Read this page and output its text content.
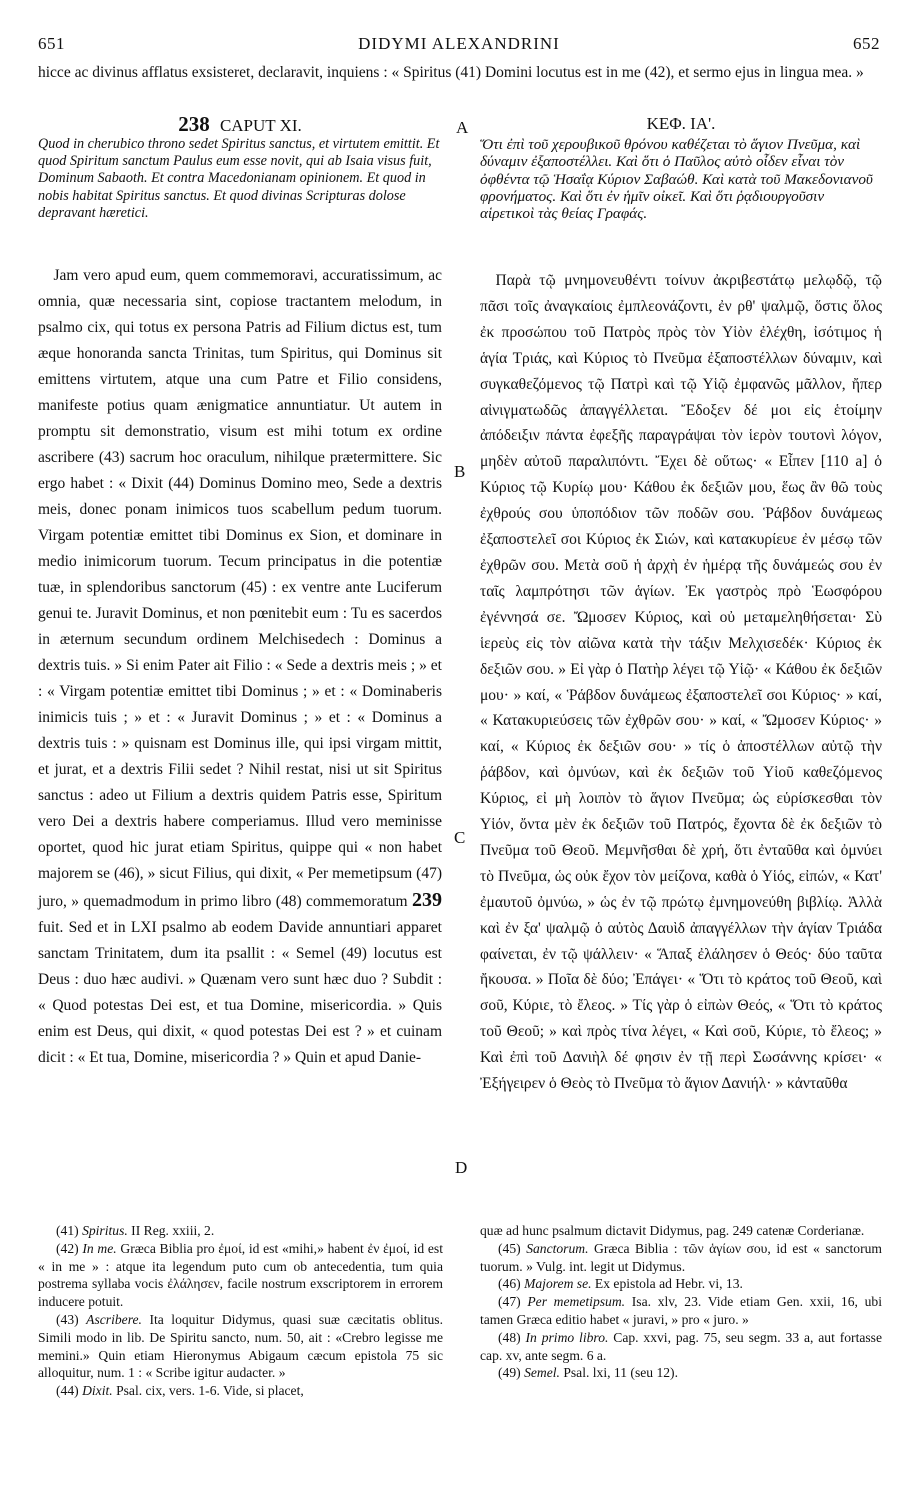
651	DIDYMI ALEXANDRINI	652
hicce ac divinus afflatus exsisteret, declaravit, inquiens : « Spiritus (41) Domini locutus est in me (42), et sermo ejus in lingua mea. »
A
B
C
D
238 CAPUT XI.

Quod in cherubico throno sedet Spiritus sanctus, et virtutem emittit. Et quod Spiritum sanctum Paulus eum esse novit, qui ab Isaia visus fuit, Dominum Sabaoth. Et contra Macedonianam opinionem. Et quod in nobis habitat Spiritus sanctus. Et quod divinas Scripturas dolose depravant hæretici.

 Jam vero apud eum, quem commemoravi, accuratissimum, ac omnia, quæ necessaria sint, copiose tractantem melodum, in psalmo cix, qui totus ex persona Patris ad Filium dictus est, tum æque honoranda sancta Trinitas, tum Spiritus, qui Dominus sit emittens virtutem, atque una cum Patre et Filio considens, manifeste potius quam ænigmatice annuntiatur. Ut autem in promptu sit demonstratio, visum est mihi totum ex ordine ascribere (43) sacrum hoc oraculum, nihilque prætermittere. Sic ergo habet : « Dixit (44) Dominus Domino meo, Sede a dextris meis, donec ponam inimicos tuos scabellum pedum tuorum. Virgam potentiæ emittet tibi Dominus ex Sion, et dominare in medio inimicorum tuorum. Tecum principatus in die potentiæ tuæ, in splendoribus sanctorum (45) : ex ventre ante Luciferum genui te. Juravit Dominus, et non pœnitebit eum : Tu es sacerdos in æternum secundum ordinem Melchisedech : Dominus a dextris tuis. » Si enim Pater ait Filio : « Sede a dextris meis ; » et : « Virgam potentiæ emittet tibi Dominus ; » et : « Dominaberis inimicis tuis ; » et : « Juravit Dominus ; » et : « Dominus a dextris tuis : » quisnam est Dominus ille, qui ipsi virgam mittit, et jurat, et a dextris Filii sedet ? Nihil restat, nisi ut sit Spiritus sanctus : adeo ut Filium a dextris quidem Patris esse, Spiritum vero Dei a dextris habere comperiamus. Illud vero meminisse oportet, quod hic jurat etiam Spiritus, quippe qui « non habet majorem se (46), » sicut Filius, qui dixit, « Per memetipsum (47) juro, » quemadmodum in primo libro (48) commemoratum 239 fuit. Sed et in LXI psalmo ab eodem Davide annuntiari apparet sanctam Trinitatem, dum ita psallit : « Semel (49) locutus est Deus : duo hæc audivi. » Quænam vero sunt hæc duo ? Subdit : « Quod potestas Dei est, et tua Domine, misericordia. » Quis enim est Deus, qui dixit, « quod potestas Dei est ? » et cuinam dicit : « Et tua, Domine, misericordia ? » Quin et apud Danie-
ΚΕΦ. ΙΑ'.

Ὅτι ἐπὶ τοῦ χερουβικοῦ θρόνου καθέζεται τὸ ἅγιον Πνεῦμα, καὶ δύναμιν ἐξαποστέλλει. Καὶ ὅτι ὁ Παῦλος αὐτὸ οἶδεν εἶναι τὸν ὀφθέντα τῷ Ἡσαΐᾳ Κύριον Σαβαώθ. Καὶ κατὰ τοῦ Μακεδονιανοῦ φρονήματος. Καὶ ὅτι ἐν ἡμῖν οἰκεῖ. Καὶ ὅτι ῥᾳδιουργοῦσιν αἱρετικοὶ τὰς θείας Γραφάς.

 Παρὰ τῷ μνημονευθέντι τοίνυν ἀκριβεστάτῳ μελῳδῷ, τῷ πᾶσι τοῖς ἀναγκαίοις ἐμπλεονάζοντι, ἐν ρθ' ψαλμῷ, ὅστις ὅλος ἐκ προσώπου τοῦ Πατρὸς πρὸς τὸν Υἱὸν ἐλέχθη, ἰσότιμος ἡ ἁγία Τριάς, καὶ Κύριος τὸ Πνεῦμα ἐξαποστέλλων δύναμιν, καὶ συγκαθεζόμενος τῷ Πατρὶ καὶ τῷ Υἱῷ ἐμφανῶς μᾶλλον, ἤπερ αἰνιγματωδῶς ἀπαγγέλλεται. Ἔδοξεν δέ μοι εἰς ἑτοίμην ἀπόδειξιν πάντα ἐφεξῆς παραγράψαι τὸν ἱερὸν τουτονὶ λόγον, μηδὲν αὐτοῦ παραλιπόντι. Ἔχει δὲ οὕτως· « Εἶπεν [110 a] ὁ Κύριος τῷ Κυρίῳ μου· Κάθου ἐκ δεξιῶν μου, ἕως ἂν θῶ τοὺς ἐχθρούς σου ὑποπόδιον τῶν ποδῶν σου. Ῥάβδον δυνάμεως ἐξαποστελεῖ σοι Κύριος ἐκ Σιών, καὶ κατακυρίευε ἐν μέσῳ τῶν ἐχθρῶν σου. Μετὰ σοῦ ἡ ἀρχὴ ἐν ἡμέρᾳ τῆς δυνάμεώς σου ἐν ταῖς λαμπρότησι τῶν ἁγίων. Ἐκ γαστρὸς πρὸ Ἑωσφόρου ἐγέννησά σε. Ὤμοσεν Κύριος, καὶ οὐ μεταμεληθήσεται· Σὺ ἱερεὺς εἰς τὸν αἰῶνα κατὰ τὴν τάξιν Μελχισεδέκ· Κύριος ἐκ δεξιῶν σου. » Εἰ γὰρ ὁ Πατὴρ λέγει τῷ Υἱῷ· « Κάθου ἐκ δεξιῶν μου· » καί, « Ῥάβδον δυνάμεως ἐξαποστελεῖ σοι Κύριος· » καί, « Κατακυριεύσεις τῶν ἐχθρῶν σου· » καί, « Ὤμοσεν Κύριος· » καί, « Κύριος ἐκ δεξιῶν σου· » τίς ὁ ἀποστέλλων αὐτῷ τὴν ῥάβδον, καὶ ὀμνύων, καὶ ἐκ δεξιῶν τοῦ Υἱοῦ καθεζόμενος Κύριος, εἰ μὴ λοιπὸν τὸ ἅγιον Πνεῦμα; ὡς εὑρίσκεσθαι τὸν Υἱόν, ὄντα μὲν ἐκ δεξιῶν τοῦ Πατρός, ἔχοντα δὲ ἐκ δεξιῶν τὸ Πνεῦμα τοῦ Θεοῦ. Μεμνῆσθαι δὲ χρή, ὅτι ἐνταῦθα καὶ ὀμνύει τὸ Πνεῦμα, ὡς οὐκ ἔχον τὸν μείζονα, καθὰ ὁ Υἱός, εἰπών, « Κατ' ἐμαυτοῦ ὀμνύω, » ὡς ἐν τῷ πρώτῳ ἐμνημονεύθη βιβλίῳ. Ἀλλὰ καὶ ἐν ξα' ψαλμῷ ὁ αὐτὸς Δαυὶδ ἀπαγγέλλων τὴν ἁγίαν Τριάδα φαίνεται, ἐν τῷ ψάλλειν· « Ἅπαξ ἐλάλησεν ὁ Θεός· δύο ταῦτα ἤκουσα. » Ποῖα δὲ δύο; Ἐπάγει· « Ὅτι τὸ κράτος τοῦ Θεοῦ, καὶ σοῦ, Κύριε, τὸ ἔλεος. » Τίς γὰρ ὁ εἰπὼν Θεός, « Ὅτι τὸ κράτος τοῦ Θεοῦ; » καὶ πρὸς τίνα λέγει, « Καὶ σοῦ, Κύριε, τὸ ἔλεος; » Καὶ ἐπὶ τοῦ Δανιὴλ δέ φησιν ἐν τῇ περὶ Σωσάννης κρίσει· « Ἐξήγειρεν ὁ Θεὸς τὸ Πνεῦμα τὸ ἅγιον Δανιήλ· » κἀνταῦθα

(41) Spiritus. II Reg. xxiii, 2.

(42) In me. Græca Biblia pro ἐμοί, id est «mihi,» habent ἐν ἐμοί, id est « in me » : atque ita legendum puto cum ob antecedentia, tum quia postrema syllaba vocis ἐλάλησεν, facile nostrum exscriptorem in errorem inducere potuit.

(43) Ascribere. Ita loquitur Didymus, quasi suæ cæcitatis oblitus. Simili modo in lib. De Spiritu sancto, num. 50, ait : «Crebro legisse me memini.» Quin etiam Hieronymus Abigaum cæcum epistola 75 sic alloquitur, num. 1 : « Scribe igitur audacter. »

(44) Dixit. Psal. cix, vers. 1-6. Vide, si placet,

quæ ad hunc psalmum dictavit Didymus, pag. 249 catenæ Corderianæ.

(45) Sanctorum. Græca Biblia : τῶν ἁγίων σου, id est « sanctorum tuorum. » Vulg. int. legit ut Didymus.

(46) Majorem se. Ex epistola ad Hebr. vi, 13.

(47) Per memetipsum. Isa. xlv, 23. Vide etiam Gen. xxii, 16, ubi tamen Græca editio habet « juravi, » pro « juro. »

(48) In primo libro. Cap. xxvi, pag. 75, seu segm. 33 a, aut fortasse cap. xv, ante segm. 6 a.

(49) Semel. Psal. lxi, 11 (seu 12).
